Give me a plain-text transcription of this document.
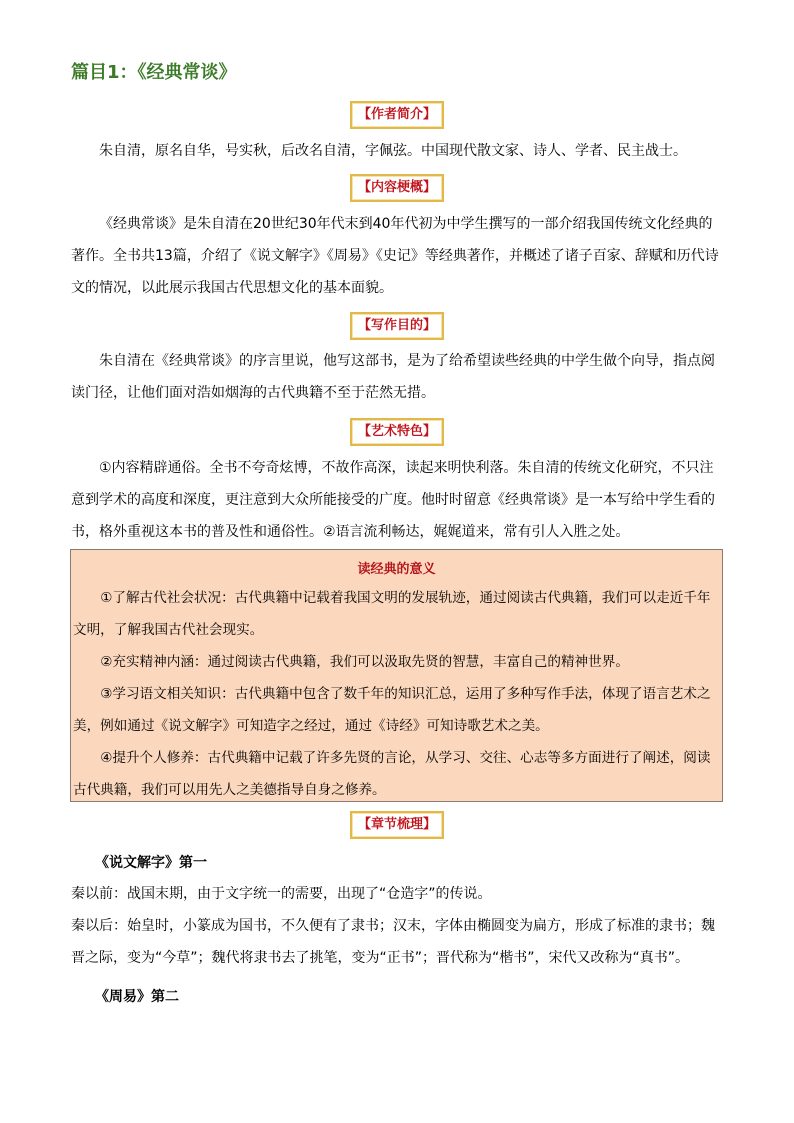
篇目1：《经典常谈》
【作者简介】

朱自清，原名自华，号实秋，后改名自清，字佩弦。中国现代散文家、诗人、学者、民主战士。

【内容梗概】

《经典常谈》是朱自清在20世纪30年代末到40年代初为中学生撰写的一部介绍我国传统文化经典的著作。全书共13篇，介绍了《说文解字》《周易》《史记》等经典著作，并概述了诸子百家、辞赋和历代诗文的情况，以此展示我国古代思想文化的基本面貌。

【写作目的】

朱自清在《经典常谈》的序言里说，他写这部书，是为了给希望读些经典的中学生做个向导，指点阅读门径，让他们面对浩如烟海的古代典籍不至于茫然无措。

【艺术特色】

①内容精辟通俗。全书不夸奇炫博，不故作高深，读起来明快利落。朱自清的传统文化研究，不只注意到学术的高度和深度，更注意到大众所能接受的广度。他时时留意《经典常谈》是一本写给中学生看的书，格外重视这本书的普及性和通俗性。②语言流利畅达，娓娓道来，常有引人入胜之处。

读经典的意义

①了解古代社会状况：古代典籍中记载着我国文明的发展轨迹，通过阅读古代典籍，我们可以走近千年文明，了解我国古代社会现实。

②充实精神内涵：通过阅读古代典籍，我们可以汲取先贤的智慧，丰富自己的精神世界。

③学习语文相关知识：古代典籍中包含了数千年的知识汇总，运用了多种写作手法，体现了语言艺术之美，例如通过《说文解字》可知造字之经过，通过《诗经》可知诗歌艺术之美。

④提升个人修养：古代典籍中记载了许多先贤的言论，从学习、交往、心志等多方面进行了阐述，阅读古代典籍，我们可以用先人之美德指导自身之修养。

【章节梳理】
《说文解字》第一
秦以前：战国末期，由于文字统一的需要，出现了“仓造字”的传说。

秦以后：始皇时，小篆成为国书，不久便有了隶书；汉末，字体由椭圆变为扁方，形成了标准的隶书；魏晋之际，变为“今草”；魏代将隶书去了挑笔，变为“正书”；晋代称为“楷书”，宋代又改称为“真书”。

《周易》第二
